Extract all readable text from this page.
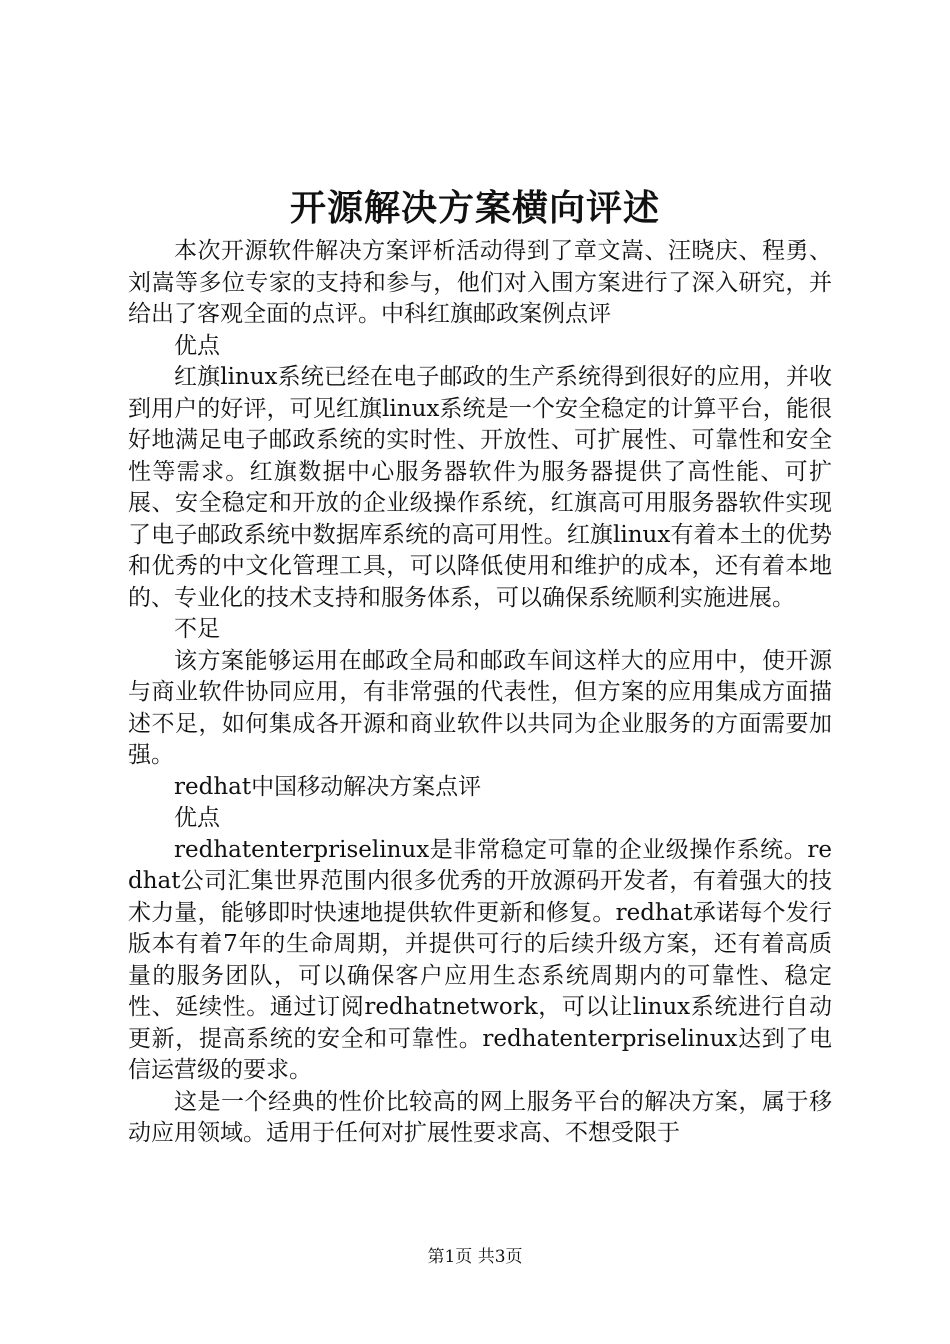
开源解决方案横向评述

本次开源软件解决方案评析活动得到了章文嵩、汪晓庆、程勇、刘嵩等多位专家的支持和参与，他们对入围方案进行了深入研究，并给出了客观全面的点评。中科红旗邮政案例点评

优点

红旗linux系统已经在电子邮政的生产系统得到很好的应用，并收到用户的好评，可见红旗linux系统是一个安全稳定的计算平台，能很好地满足电子邮政系统的实时性、开放性、可扩展性、可靠性和安全性等需求。红旗数据中心服务器软件为服务器提供了高性能、可扩展、安全稳定和开放的企业级操作系统，红旗高可用服务器软件实现了电子邮政系统中数据库系统的高可用性。红旗linux有着本土的优势和优秀的中文化管理工具，可以降低使用和维护的成本，还有着本地的、专业化的技术支持和服务体系，可以确保系统顺利实施进展。

不足

该方案能够运用在邮政全局和邮政车间这样大的应用中，使开源与商业软件协同应用，有非常强的代表性，但方案的应用集成方面描述不足，如何集成各开源和商业软件以共同为企业服务的方面需要加强。

redhat中国移动解决方案点评

优点

redhatenterpriselinux是非常稳定可靠的企业级操作系统。redhat公司汇集世界范围内很多优秀的开放源码开发者，有着强大的技术力量，能够即时快速地提供软件更新和修复。redhat承诺每个发行版本有着7年的生命周期，并提供可行的后续升级方案，还有着高质量的服务团队，可以确保客户应用生态系统周期内的可靠性、稳定性、延续性。通过订阅redhatnetwork，可以让linux系统进行自动更新，提高系统的安全和可靠性。redhatenterpriselinux达到了电信运营级的要求。

这是一个经典的性价比较高的网上服务平台的解决方案，属于移动应用领域。适用于任何对扩展性要求高、不想受限于

第1页 共3页
